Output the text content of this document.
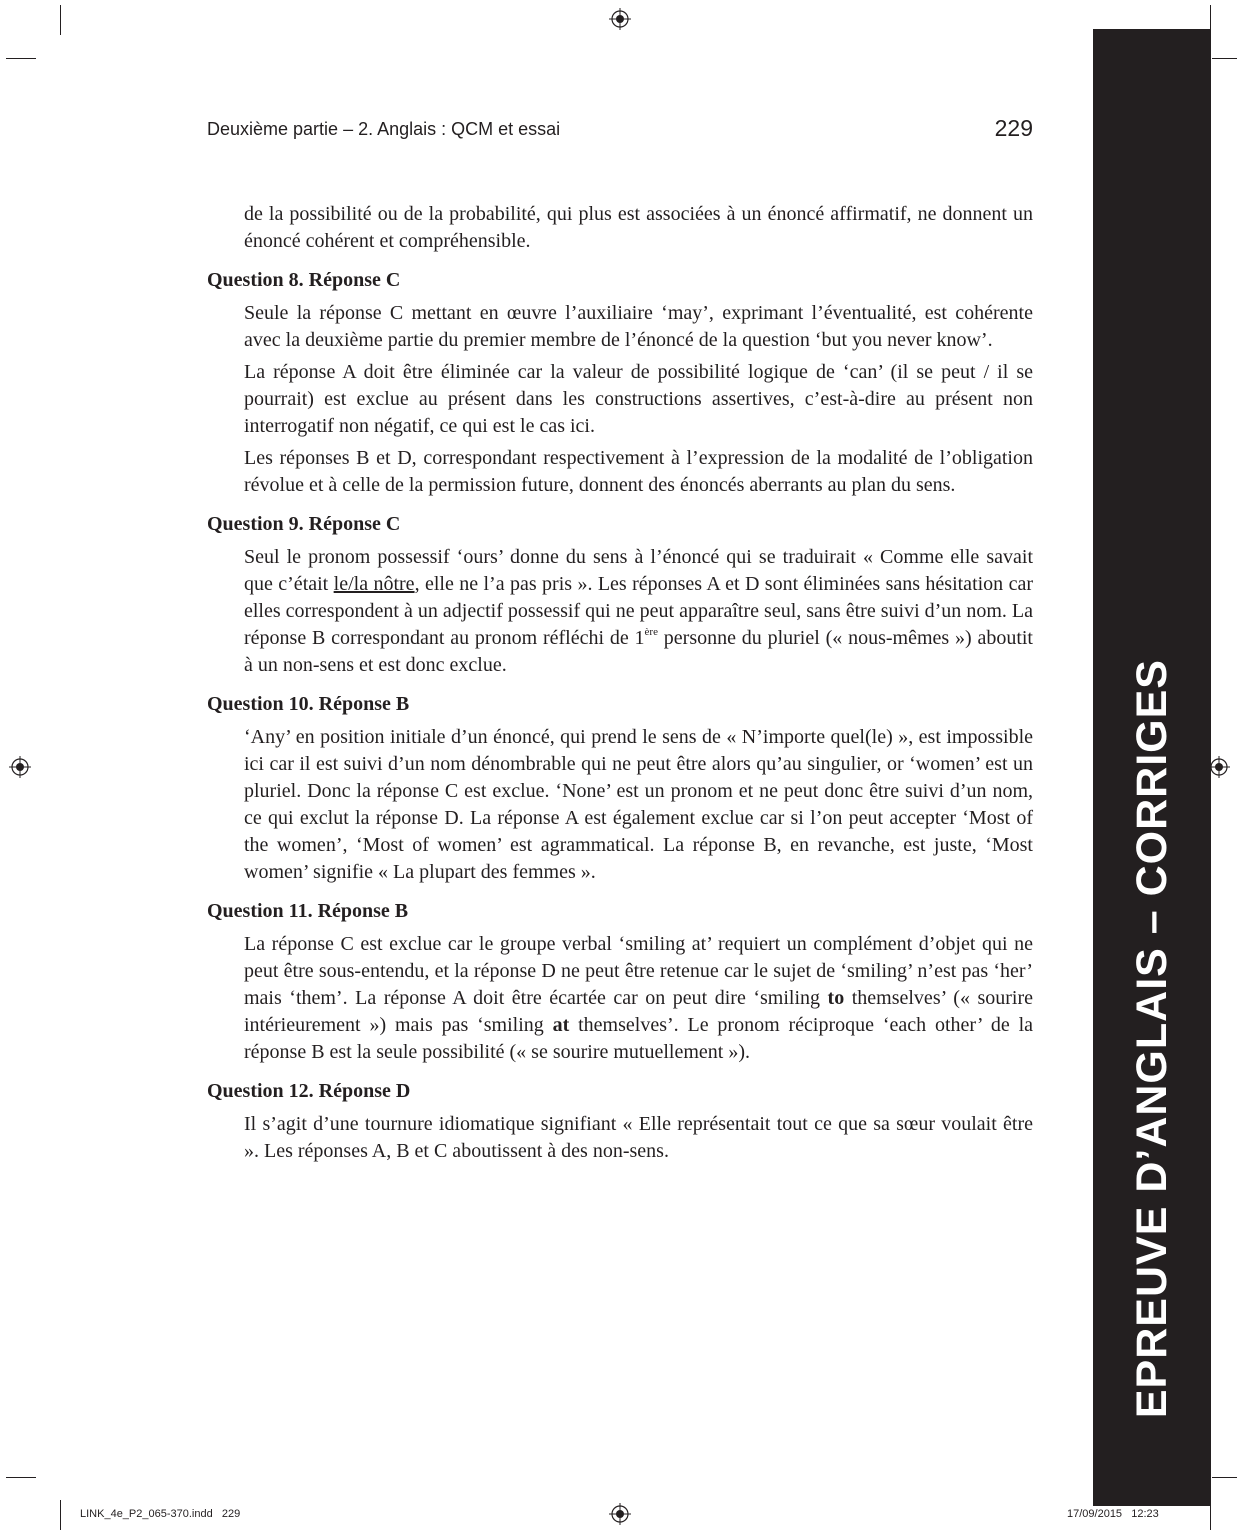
Deuxième partie – 2. Anglais : QCM et essai	229

de la possibilité ou de la probabilité, qui plus est associées à un énoncé affirmatif, ne donnent un énoncé cohérent et compréhensible.

Question 8. Réponse C

Seule la réponse C mettant en œuvre l’auxiliaire ‘may’, exprimant l’éventualité, est cohérente avec la deuxième partie du premier membre de l’énoncé de la question ‘but you never know’.

La réponse A doit être éliminée car la valeur de possibilité logique de ‘can’ (il se peut / il se pourrait) est exclue au présent dans les constructions assertives, c’est-à-dire au présent non interrogatif non négatif, ce qui est le cas ici.

Les réponses B et D, correspondant respectivement à l’expression de la modalité de l’obligation révolue et à celle de la permission future, donnent des énoncés aberrants au plan du sens.

Question 9. Réponse C

Seul le pronom possessif ‘ours’ donne du sens à l’énoncé qui se traduirait « Comme elle savait que c’était le/la nôtre, elle ne l’a pas pris ». Les réponses A et D sont éliminées sans hésitation car elles correspondent à un adjectif possessif qui ne peut apparaître seul, sans être suivi d’un nom. La réponse B correspondant au pronom réfléchi de 1ère personne du pluriel (« nous-mêmes ») aboutit à un non-sens et est donc exclue.

Question 10. Réponse B

‘Any’ en position initiale d’un énoncé, qui prend le sens de « N’importe quel(le) », est impossible ici car il est suivi d’un nom dénombrable qui ne peut être alors qu’au singulier, or ‘women’ est un pluriel. Donc la réponse C est exclue. ‘None’ est un pronom et ne peut donc être suivi d’un nom, ce qui exclut la réponse D. La réponse A est également exclue car si l’on peut accepter ‘Most of the women’, ‘Most of women’ est agrammatical. La réponse B, en revanche, est juste, ‘Most women’ signifie « La plupart des femmes ».

Question 11. Réponse B

La réponse C est exclue car le groupe verbal ‘smiling at’ requiert un complément d’objet qui ne peut être sous-entendu, et la réponse D ne peut être retenue car le sujet de ‘smiling’ n’est pas ‘her’ mais ‘them’. La réponse A doit être écartée car on peut dire ‘smiling to themselves’ (« sourire intérieurement ») mais pas ‘smiling at themselves’. Le pronom réciproque ‘each other’ de la réponse B est la seule possibilité (« se sourire mutuellement »).

Question 12. Réponse D

Il s’agit d’une tournure idiomatique signifiant « Elle représentait tout ce que sa sœur voulait être ». Les réponses A, B et C aboutissent à des non-sens.	EPREUVE D’ANGLAIS – CORRIGES
LINK_4e_P2_065-370.indd   229	17/09/2015   12:23
